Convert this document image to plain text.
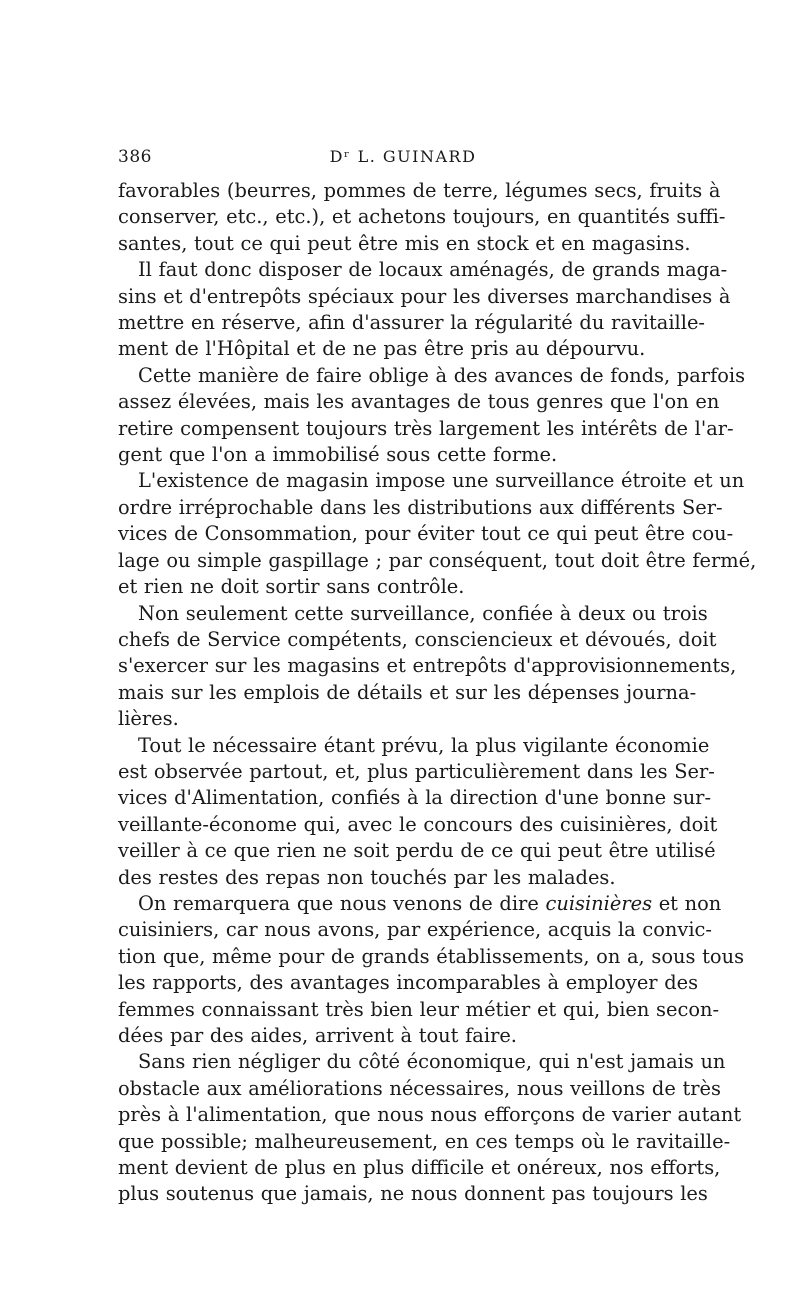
386	Dʳ L. GUINARD

favorables (beurres, pommes de terre, légumes secs, fruits à
conserver, etc., etc.), et achetons toujours, en quantités suffi-
santes, tout ce qui peut être mis en stock et en magasins.

Il faut donc disposer de locaux aménagés, de grands maga-
sins et d'entrepôts spéciaux pour les diverses marchandises à
mettre en réserve, afin d'assurer la régularité du ravitaille-
ment de l'Hôpital et de ne pas être pris au dépourvu.

Cette manière de faire oblige à des avances de fonds, parfois
assez élevées, mais les avantages de tous genres que l'on en
retire compensent toujours très largement les intérêts de l'ar-
gent que l'on a immobilisé sous cette forme.

L'existence de magasin impose une surveillance étroite et un
ordre irréprochable dans les distributions aux différents Ser-
vices de Consommation, pour éviter tout ce qui peut être cou-
lage ou simple gaspillage ; par conséquent, tout doit être fermé,
et rien ne doit sortir sans contrôle.

Non seulement cette surveillance, confiée à deux ou trois
chefs de Service compétents, consciencieux et dévoués, doit
s'exercer sur les magasins et entrepôts d'approvisionnements,
mais sur les emplois de détails et sur les dépenses journa-
lières.

Tout le nécessaire étant prévu, la plus vigilante économie
est observée partout, et, plus particulièrement dans les Ser-
vices d'Alimentation, confiés à la direction d'une bonne sur-
veillante-économe qui, avec le concours des cuisinières, doit
veiller à ce que rien ne soit perdu de ce qui peut être utilisé
des restes des repas non touchés par les malades.

On remarquera que nous venons de dire cuisinières et non
cuisiniers, car nous avons, par expérience, acquis la convic-
tion que, même pour de grands établissements, on a, sous tous
les rapports, des avantages incomparables à employer des
femmes connaissant très bien leur métier et qui, bien secon-
dées par des aides, arrivent à tout faire.

Sans rien négliger du côté économique, qui n'est jamais un
obstacle aux améliorations nécessaires, nous veillons de très
près à l'alimentation, que nous nous efforçons de varier autant
que possible; malheureusement, en ces temps où le ravitaille-
ment devient de plus en plus difficile et onéreux, nos efforts,
plus soutenus que jamais, ne nous donnent pas toujours les
